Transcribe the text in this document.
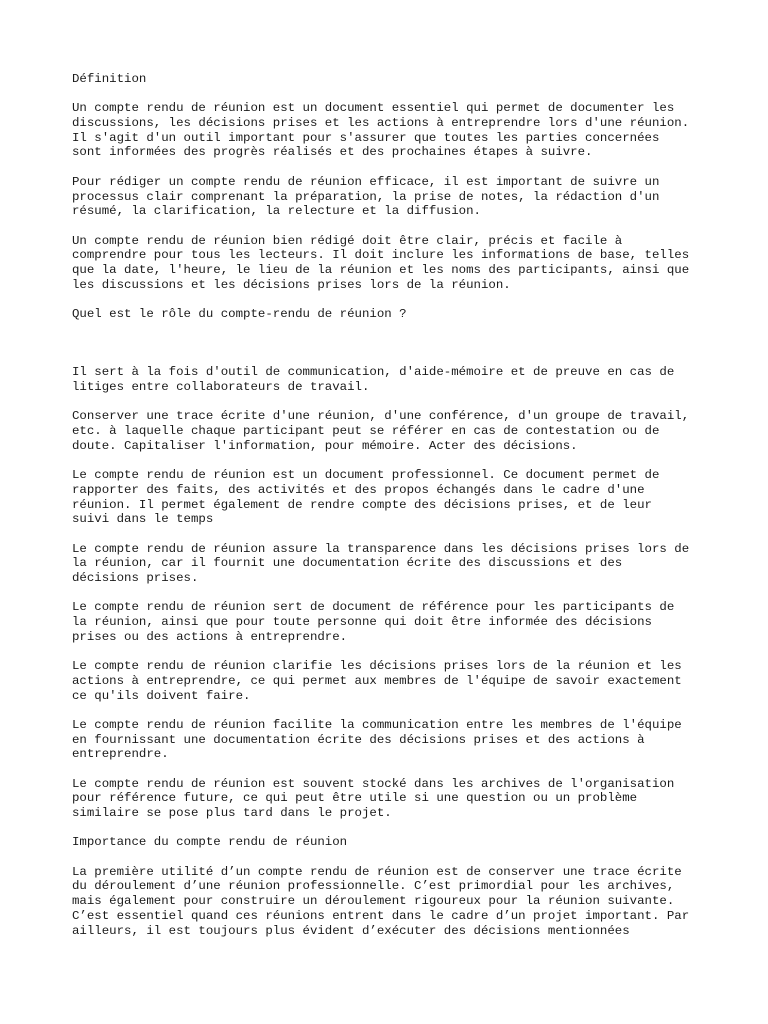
Définition
Un compte rendu de réunion est un document essentiel qui permet de documenter les
discussions, les décisions prises et les actions à entreprendre lors d'une réunion.
Il s'agit d'un outil important pour s'assurer que toutes les parties concernées
sont informées des progrès réalisés et des prochaines étapes à suivre.
Pour rédiger un compte rendu de réunion efficace, il est important de suivre un
processus clair comprenant la préparation, la prise de notes, la rédaction d'un
résumé, la clarification, la relecture et la diffusion.
Un compte rendu de réunion bien rédigé doit être clair, précis et facile à
comprendre pour tous les lecteurs. Il doit inclure les informations de base, telles
que la date, l'heure, le lieu de la réunion et les noms des participants, ainsi que
les discussions et les décisions prises lors de la réunion.
Quel est le rôle du compte-rendu de réunion ?
Il sert à la fois d'outil de communication, d'aide-mémoire et de preuve en cas de
litiges entre collaborateurs de travail.
Conserver une trace écrite d'une réunion, d'une conférence, d'un groupe de travail,
etc. à laquelle chaque participant peut se référer en cas de contestation ou de
doute. Capitaliser l'information, pour mémoire. Acter des décisions.
Le compte rendu de réunion est un document professionnel. Ce document permet de
rapporter des faits, des activités et des propos échangés dans le cadre d'une
réunion. Il permet également de rendre compte des décisions prises, et de leur
suivi dans le temps
Le compte rendu de réunion assure la transparence dans les décisions prises lors de
la réunion, car il fournit une documentation écrite des discussions et des
décisions prises.
Le compte rendu de réunion sert de document de référence pour les participants de
la réunion, ainsi que pour toute personne qui doit être informée des décisions
prises ou des actions à entreprendre.
Le compte rendu de réunion clarifie les décisions prises lors de la réunion et les
actions à entreprendre, ce qui permet aux membres de l'équipe de savoir exactement
ce qu'ils doivent faire.
Le compte rendu de réunion facilite la communication entre les membres de l'équipe
en fournissant une documentation écrite des décisions prises et des actions à
entreprendre.
Le compte rendu de réunion est souvent stocké dans les archives de l'organisation
pour référence future, ce qui peut être utile si une question ou un problème
similaire se pose plus tard dans le projet.
Importance du compte rendu de réunion
La première utilité d’un compte rendu de réunion est de conserver une trace écrite
du déroulement d’une réunion professionnelle. C’est primordial pour les archives,
mais également pour construire un déroulement rigoureux pour la réunion suivante.
C’est essentiel quand ces réunions entrent dans le cadre d’un projet important. Par
ailleurs, il est toujours plus évident d’exécuter des décisions mentionnées
